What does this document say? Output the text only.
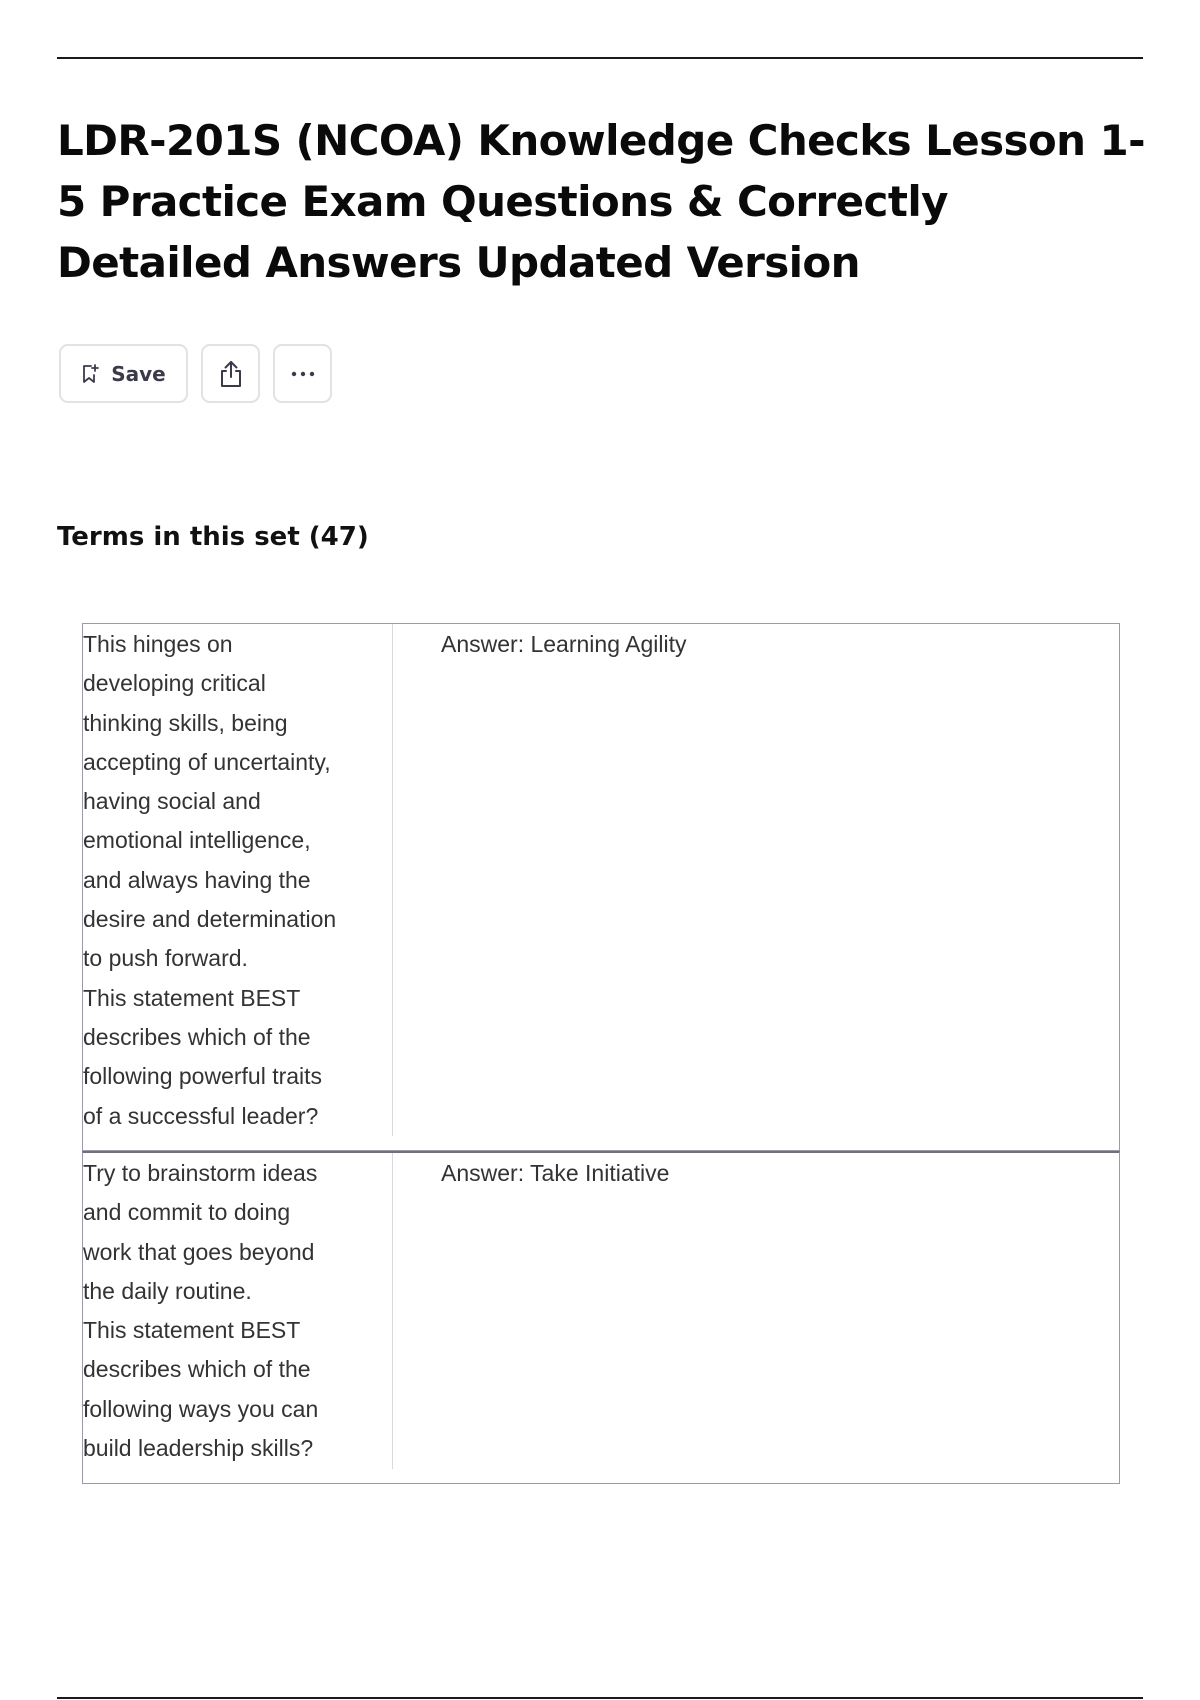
LDR-201S (NCOA) Knowledge Checks Lesson 1-5 Practice Exam Questions & Correctly Detailed Answers Updated Version
Save
Terms in this set (47)
This hinges on
developing critical
thinking skills, being
accepting of uncertainty,
having social and
emotional intelligence,
and always having the
desire and determination
to push forward.
This statement BEST
describes which of the
following powerful traits
of a successful leader?
Answer: Learning Agility
Try to brainstorm ideas
and commit to doing
work that goes beyond
the daily routine.
This statement BEST
describes which of the
following ways you can
build leadership skills?
Answer: Take Initiative
